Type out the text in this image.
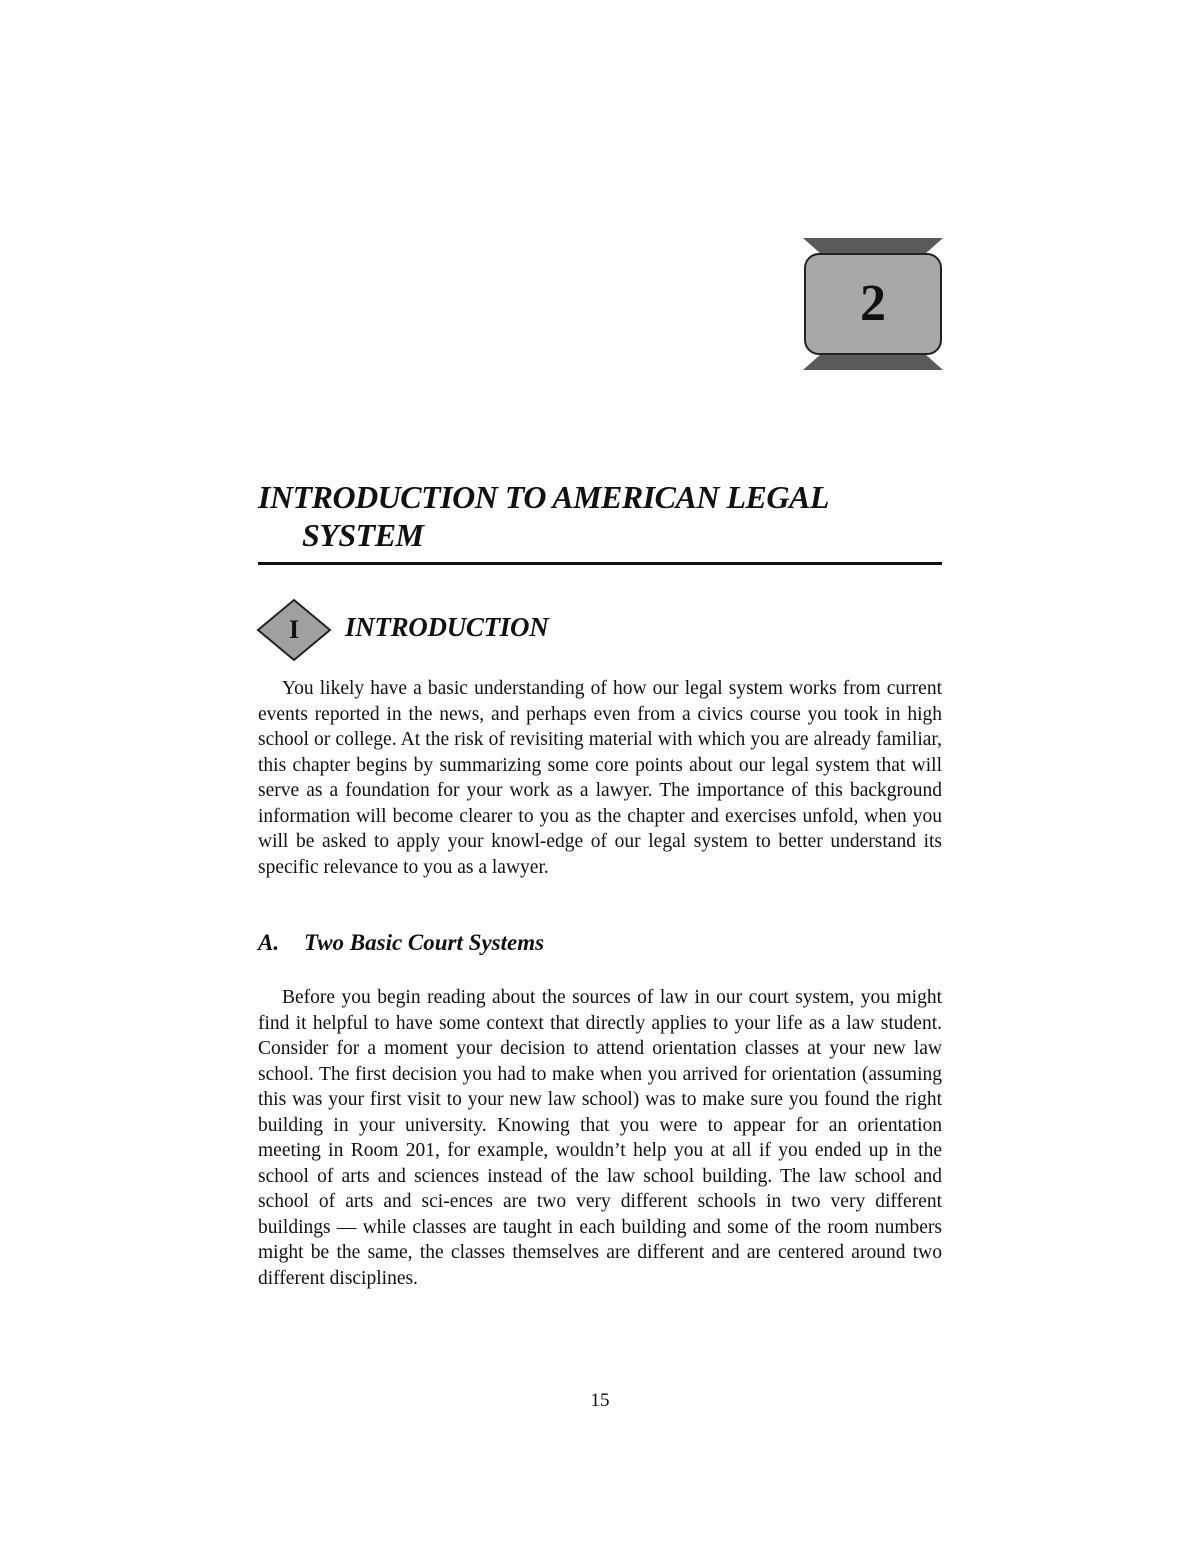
2
INTRODUCTION TO AMERICAN LEGAL
SYSTEM
I	INTRODUCTION

You likely have a basic understanding of how our legal system works from current events reported in the news, and perhaps even from a civics course you took in high school or college. At the risk of revisiting material with which you are already familiar, this chapter begins by summarizing some core points about our legal system that will serve as a foundation for your work as a lawyer. The importance of this background information will become clearer to you as the chapter and exercises unfold, when you will be asked to apply your knowl-edge of our legal system to better understand its specific relevance to you as a lawyer.

A. Two Basic Court Systems

Before you begin reading about the sources of law in our court system, you might find it helpful to have some context that directly applies to your life as a law student. Consider for a moment your decision to attend orientation classes at your new law school. The first decision you had to make when you arrived for orientation (assuming this was your first visit to your new law school) was to make sure you found the right building in your university. Knowing that you were to appear for an orientation meeting in Room 201, for example, wouldn’t help you at all if you ended up in the school of arts and sciences instead of the law school building. The law school and school of arts and sci-ences are two very different schools in two very different buildings — while classes are taught in each building and some of the room numbers might be the same, the classes themselves are different and are centered around two different disciplines.

15
